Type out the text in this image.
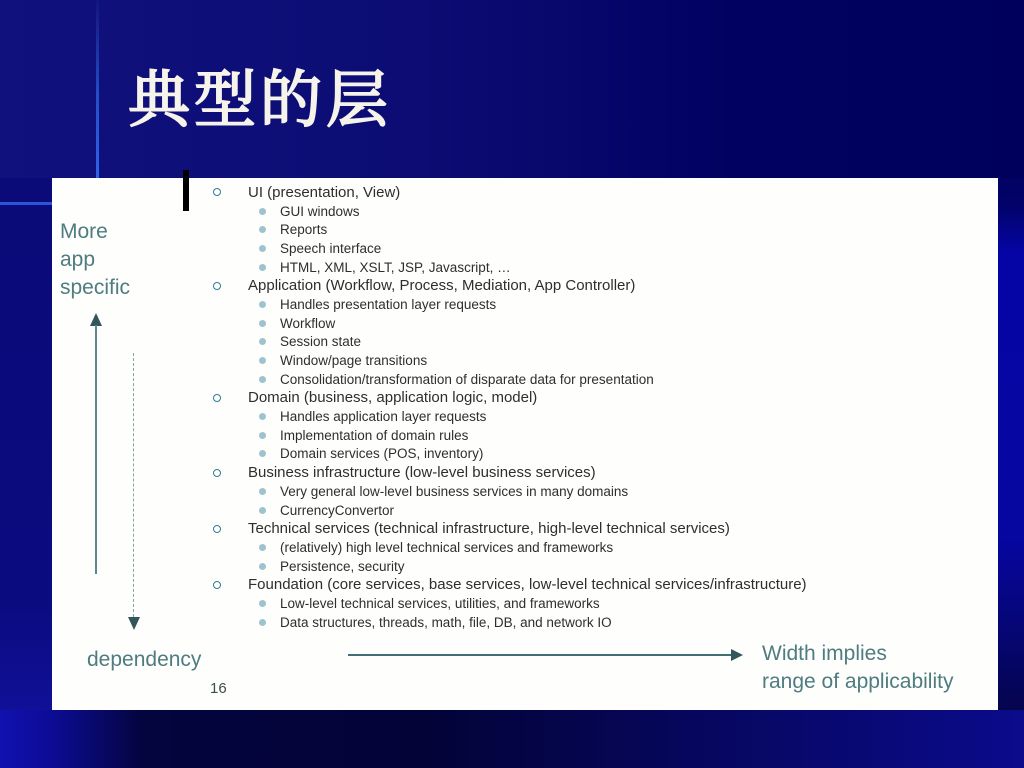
典型的层
More
app
specific
UI (presentation, View)
GUI windows
Reports
Speech interface
HTML, XML, XSLT, JSP, Javascript, …
Application (Workflow, Process, Mediation, App Controller)
Handles presentation layer requests
Workflow
Session state
Window/page transitions
Consolidation/transformation of disparate data for presentation
Domain (business, application logic, model)
Handles application layer requests
Implementation of domain rules
Domain services (POS, inventory)
Business infrastructure (low-level business services)
Very general low-level business services in many domains
CurrencyConvertor
Technical services (technical infrastructure, high-level technical services)
(relatively) high level technical services and frameworks
Persistence, security
Foundation (core services, base services, low-level technical services/infrastructure)
Low-level technical services, utilities, and frameworks
Data structures, threads, math, file, DB, and network IO
dependency	Width implies
range of applicability
16
